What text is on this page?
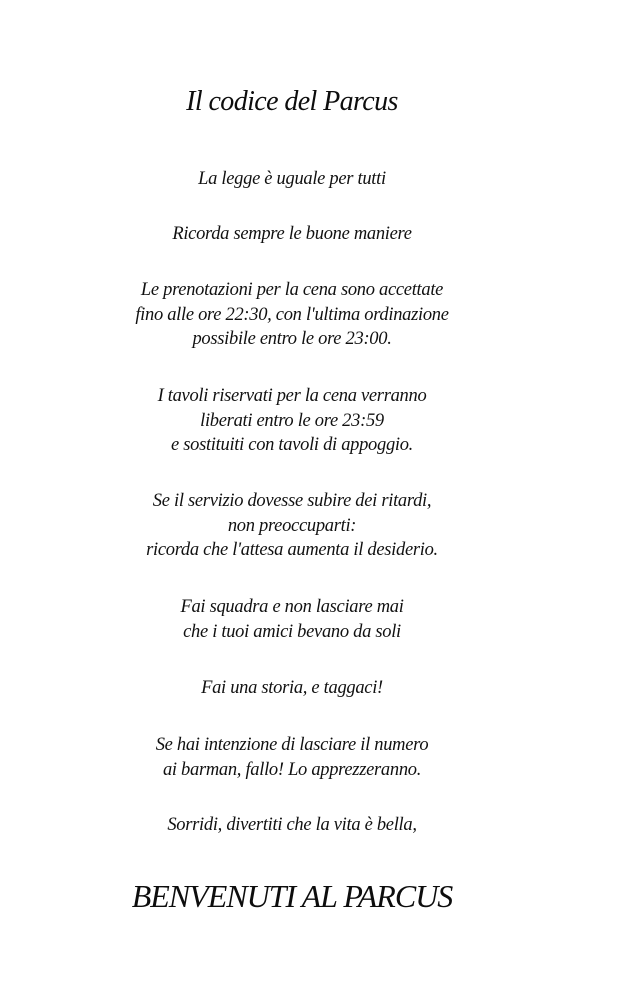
Il codice del Parcus
La legge è uguale per tutti
Ricorda sempre le buone maniere
Le prenotazioni per la cena sono accettate
fino alle ore 22:30, con l'ultima ordinazione
possibile entro le ore 23:00.
I tavoli riservati per la cena verranno
liberati entro le ore 23:59
e sostituiti con tavoli di appoggio.
Se il servizio dovesse subire dei ritardi,
non preoccuparti:
ricorda che l'attesa aumenta il desiderio.
Fai squadra e non lasciare mai
che i tuoi amici bevano da soli
Fai una storia, e taggaci!
Se hai intenzione di lasciare il numero
ai barman, fallo! Lo apprezzeranno.
Sorridi, divertiti che la vita è bella,
BENVENUTI AL PARCUS
